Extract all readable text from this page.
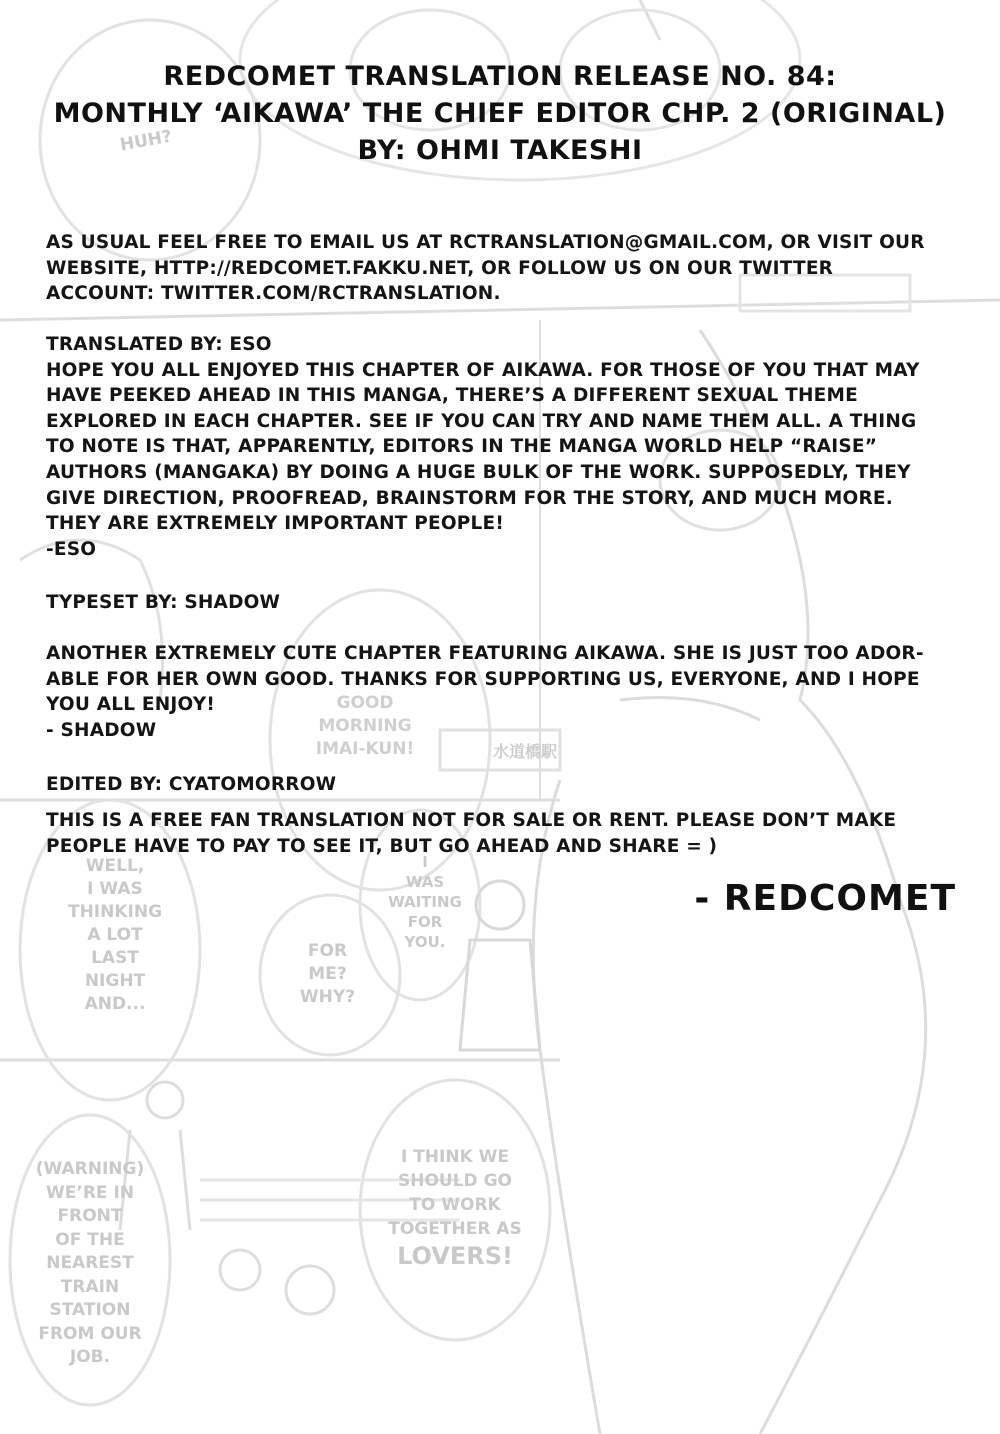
HUH?
GOOD
MORNING
IMAI-KUN!	水道橋駅
WELL,
I WAS
THINKING
A LOT
LAST
NIGHT
AND...
FOR
ME?
WHY?
I
WAS
WAITING
FOR
YOU.
I THINK WE
SHOULD GO
TO WORK
TOGETHER AS
LOVERS!
(WARNING)
WE’RE IN
FRONT
OF THE
NEAREST
TRAIN
STATION
FROM OUR
JOB.
REDCOMET TRANSLATION RELEASE NO. 84:
MONTHLY ‘AIKAWA’ THE CHIEF EDITOR CHP. 2 (ORIGINAL)
BY: OHMI TAKESHI
AS USUAL FEEL FREE TO EMAIL US AT RCTRANSLATION@GMAIL.COM, OR VISIT OUR
WEBSITE, HTTP://REDCOMET.FAKKU.NET, OR FOLLOW US ON OUR TWITTER
ACCOUNT: TWITTER.COM/RCTRANSLATION.
TRANSLATED BY: ESO
HOPE YOU ALL ENJOYED THIS CHAPTER OF AIKAWA. FOR THOSE OF YOU THAT MAY
HAVE PEEKED AHEAD IN THIS MANGA, THERE’S A DIFFERENT SEXUAL THEME
EXPLORED IN EACH CHAPTER. SEE IF YOU CAN TRY AND NAME THEM ALL. A THING
TO NOTE IS THAT, APPARENTLY, EDITORS IN THE MANGA WORLD HELP “RAISE”
AUTHORS (MANGAKA) BY DOING A HUGE BULK OF THE WORK. SUPPOSEDLY, THEY
GIVE DIRECTION, PROOFREAD, BRAINSTORM FOR THE STORY, AND MUCH MORE.
THEY ARE EXTREMELY IMPORTANT PEOPLE!
-ESO
TYPESET BY: SHADOW
ANOTHER EXTREMELY CUTE CHAPTER FEATURING AIKAWA. SHE IS JUST TOO ADOR-
ABLE FOR HER OWN GOOD. THANKS FOR SUPPORTING US, EVERYONE, AND I HOPE
YOU ALL ENJOY!
- SHADOW
EDITED BY: CYATOMORROW
THIS IS A FREE FAN TRANSLATION NOT FOR SALE OR RENT. PLEASE DON’T MAKE
PEOPLE HAVE TO PAY TO SEE IT, BUT GO AHEAD AND SHARE = )
- REDCOMET
